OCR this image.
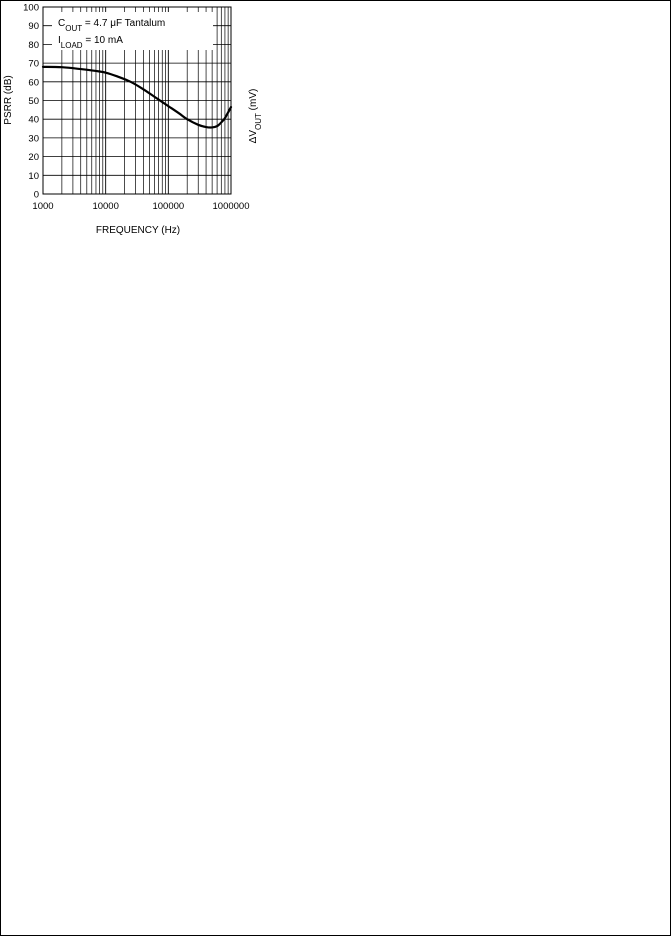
$C_{OUT} = 4.7$ μF Tantalum
$I_{LOAD} = 10$ mA
0
10
20
30
40
50
60
70
80
90
100
1000	10000	100000	1000000
FREQUENCY (Hz)
PSRR (dB)
$\Delta V_{OUT}$ (mV)
